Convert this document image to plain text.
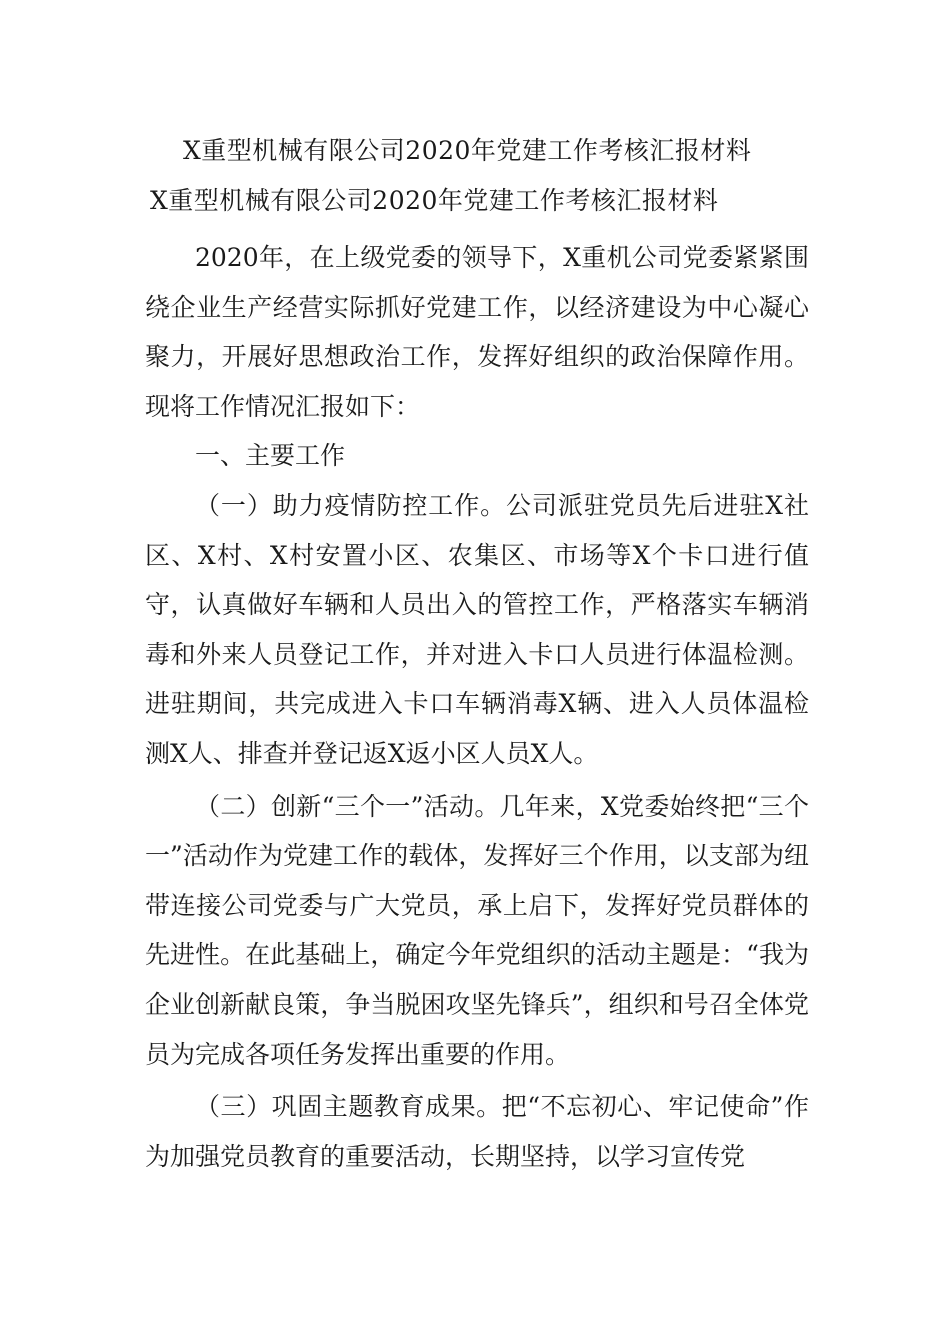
X重型机械有限公司2020年党建工作考核汇报材料
X重型机械有限公司2020年党建工作考核汇报材料

2020年，在上级党委的领导下，X重机公司党委紧紧围绕企业生产经营实际抓好党建工作，以经济建设为中心凝心聚力，开展好思想政治工作，发挥好组织的政治保障作用。现将工作情况汇报如下：

一、主要工作

（一）助力疫情防控工作。公司派驻党员先后进驻X社区、X村、X村安置小区、农集区、市场等X个卡口进行值守，认真做好车辆和人员出入的管控工作，严格落实车辆消毒和外来人员登记工作，并对进入卡口人员进行体温检测。进驻期间，共完成进入卡口车辆消毒X辆、进入人员体温检测X人、排查并登记返X返小区人员X人。

（二）创新“三个一”活动。几年来，X党委始终把“三个一”活动作为党建工作的载体，发挥好三个作用，以支部为纽带连接公司党委与广大党员，承上启下，发挥好党员群体的先进性。在此基础上，确定今年党组织的活动主题是：“我为企业创新献良策，争当脱困攻坚先锋兵”，组织和号召全体党员为完成各项任务发挥出重要的作用。

（三）巩固主题教育成果。把“不忘初心、牢记使命”作为加强党员教育的重要活动，长期坚持，以学习宣传党
